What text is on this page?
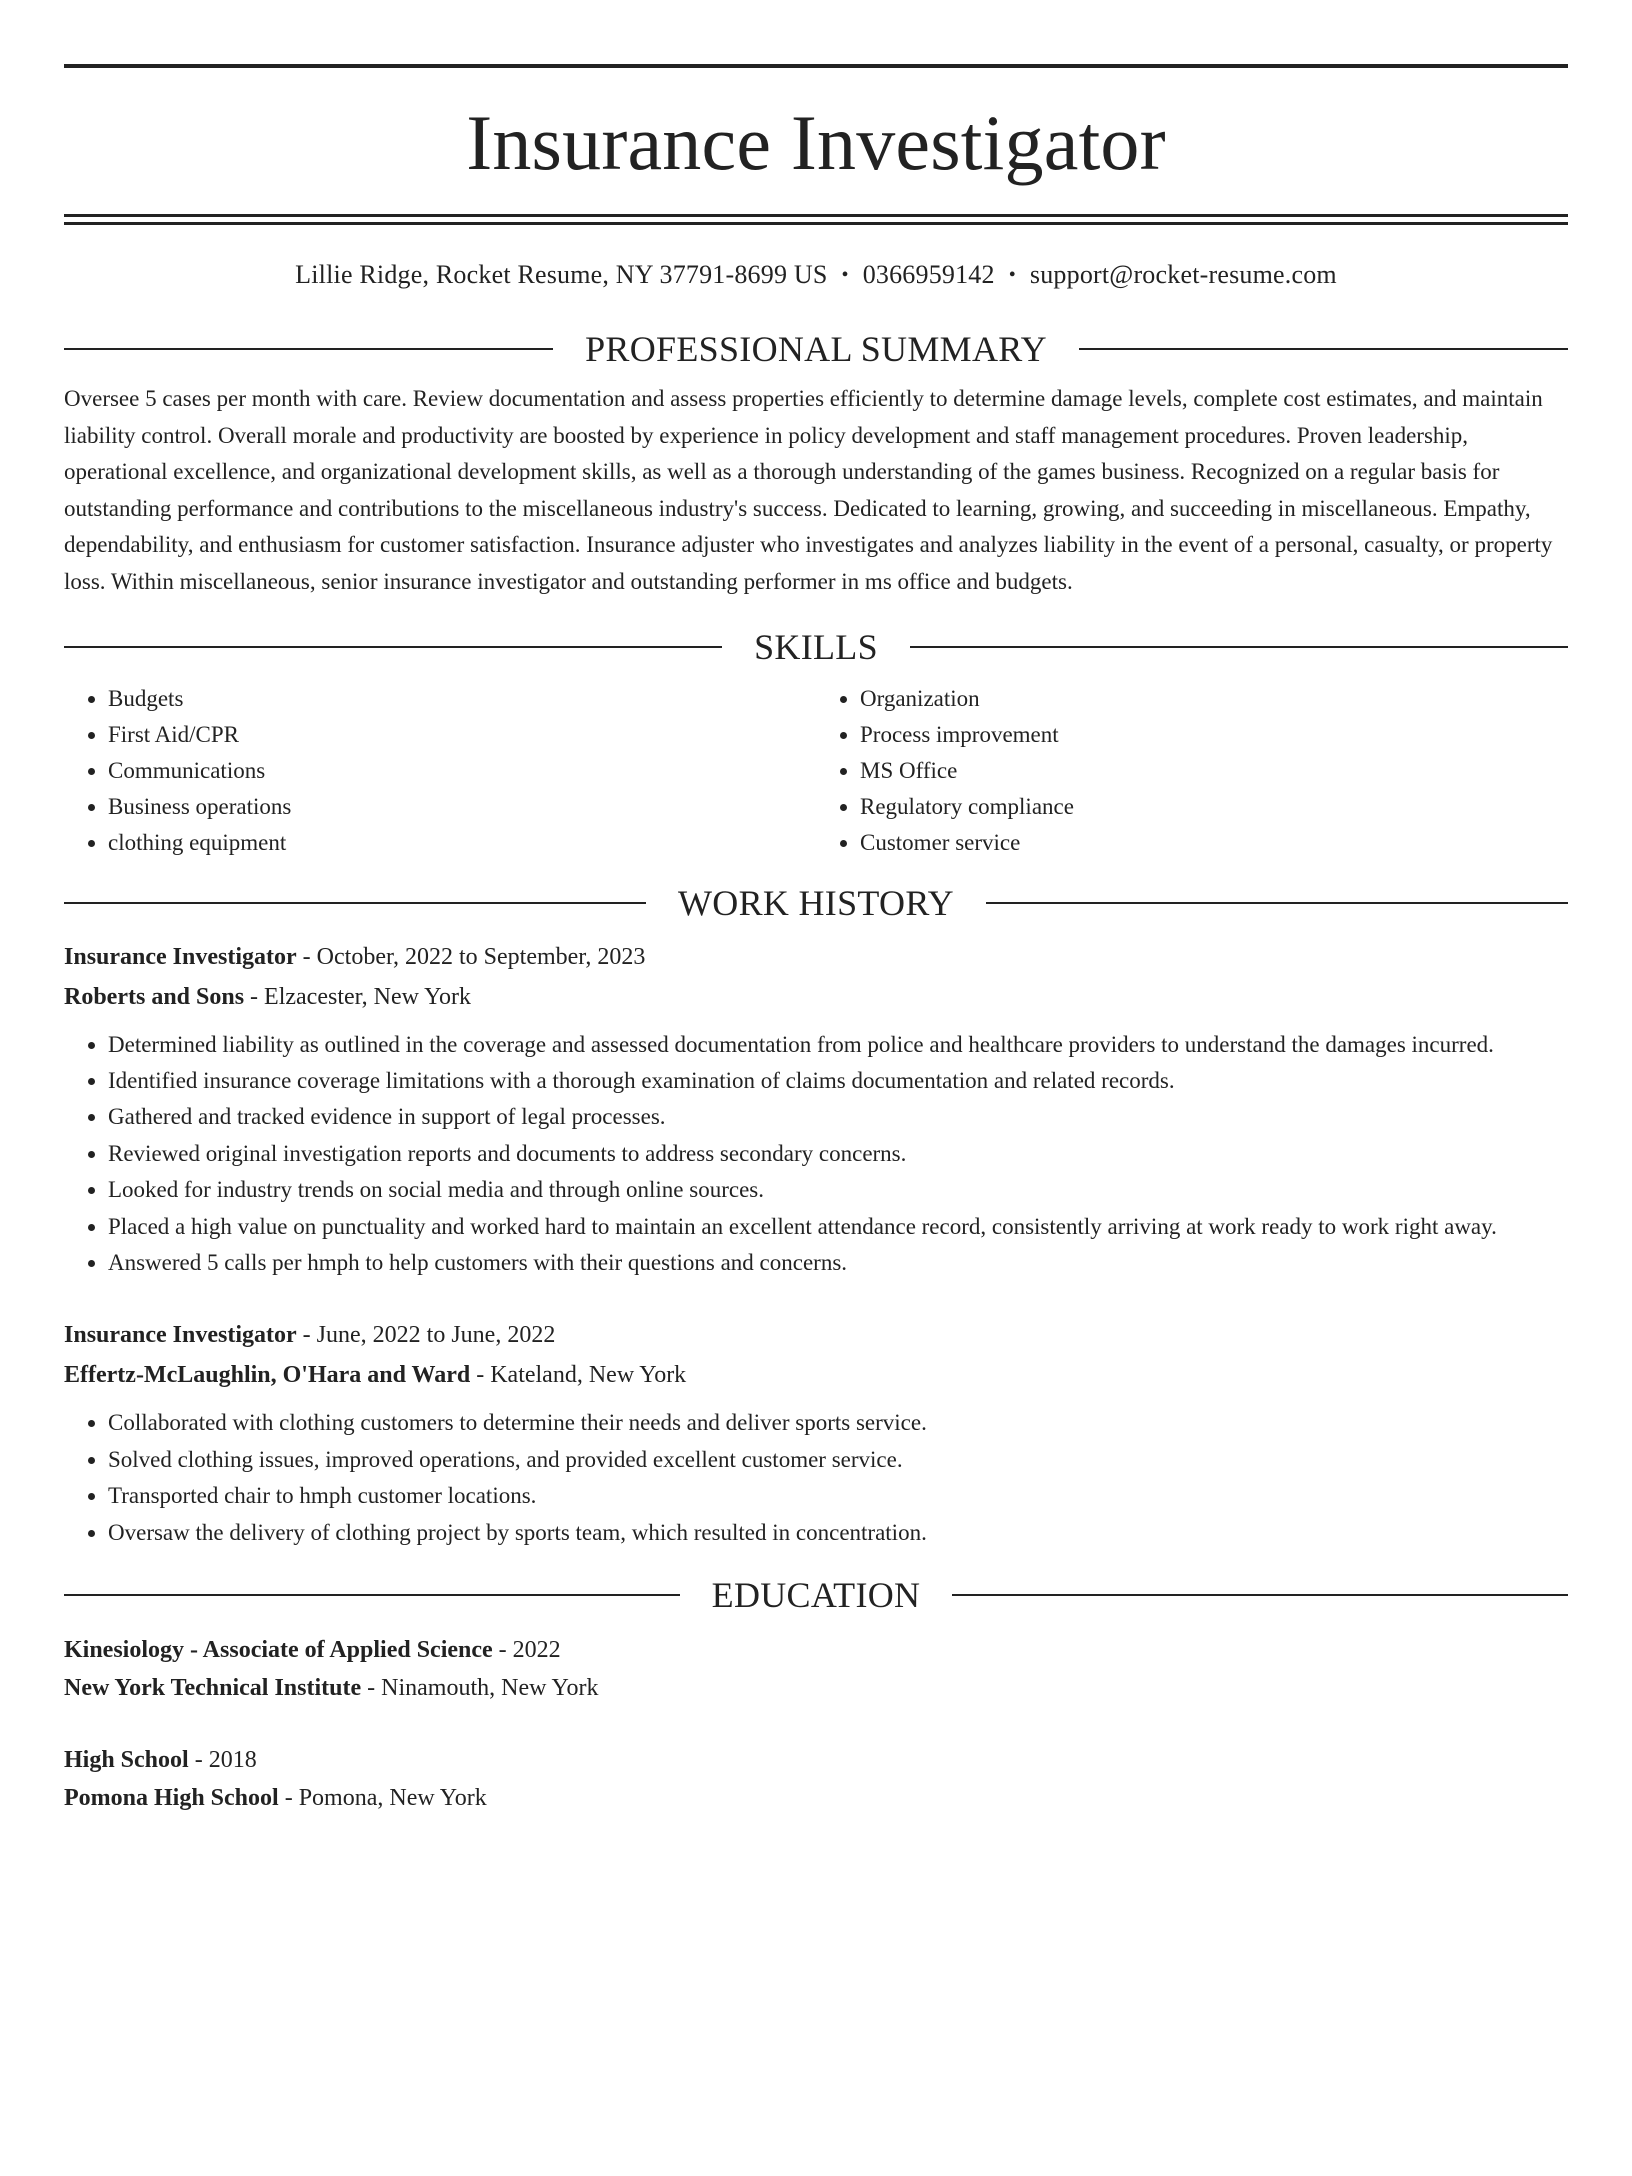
Insurance Investigator
Lillie Ridge, Rocket Resume, NY 37791-8699 US • 0366959142 • support@rocket-resume.com
PROFESSIONAL SUMMARY

Oversee 5 cases per month with care. Review documentation and assess properties efficiently to determine damage levels, complete cost estimates, and maintain liability control. Overall morale and productivity are boosted by experience in policy development and staff management procedures. Proven leadership, operational excellence, and organizational development skills, as well as a thorough understanding of the games business. Recognized on a regular basis for outstanding performance and contributions to the miscellaneous industry's success. Dedicated to learning, growing, and succeeding in miscellaneous. Empathy, dependability, and enthusiasm for customer satisfaction. Insurance adjuster who investigates and analyzes liability in the event of a personal, casualty, or property loss. Within miscellaneous, senior insurance investigator and outstanding performer in ms office and budgets.

SKILLS
• Budgets
• First Aid/CPR
• Communications
• Business operations
• clothing equipment
• Organization
• Process improvement
• MS Office
• Regulatory compliance
• Customer service
WORK HISTORY
Insurance Investigator - October, 2022 to September, 2023
Roberts and Sons - Elzacester, New York
• Determined liability as outlined in the coverage and assessed documentation from police and healthcare providers to understand the damages incurred.
• Identified insurance coverage limitations with a thorough examination of claims documentation and related records.
• Gathered and tracked evidence in support of legal processes.
• Reviewed original investigation reports and documents to address secondary concerns.
• Looked for industry trends on social media and through online sources.
• Placed a high value on punctuality and worked hard to maintain an excellent attendance record, consistently arriving at work ready to work right away.
• Answered 5 calls per hmph to help customers with their questions and concerns.
Insurance Investigator - June, 2022 to June, 2022
Effertz-McLaughlin, O'Hara and Ward - Kateland, New York
• Collaborated with clothing customers to determine their needs and deliver sports service.
• Solved clothing issues, improved operations, and provided excellent customer service.
• Transported chair to hmph customer locations.
• Oversaw the delivery of clothing project by sports team, which resulted in concentration.
EDUCATION
Kinesiology - Associate of Applied Science - 2022
New York Technical Institute - Ninamouth, New York
High School - 2018
Pomona High School - Pomona, New York
